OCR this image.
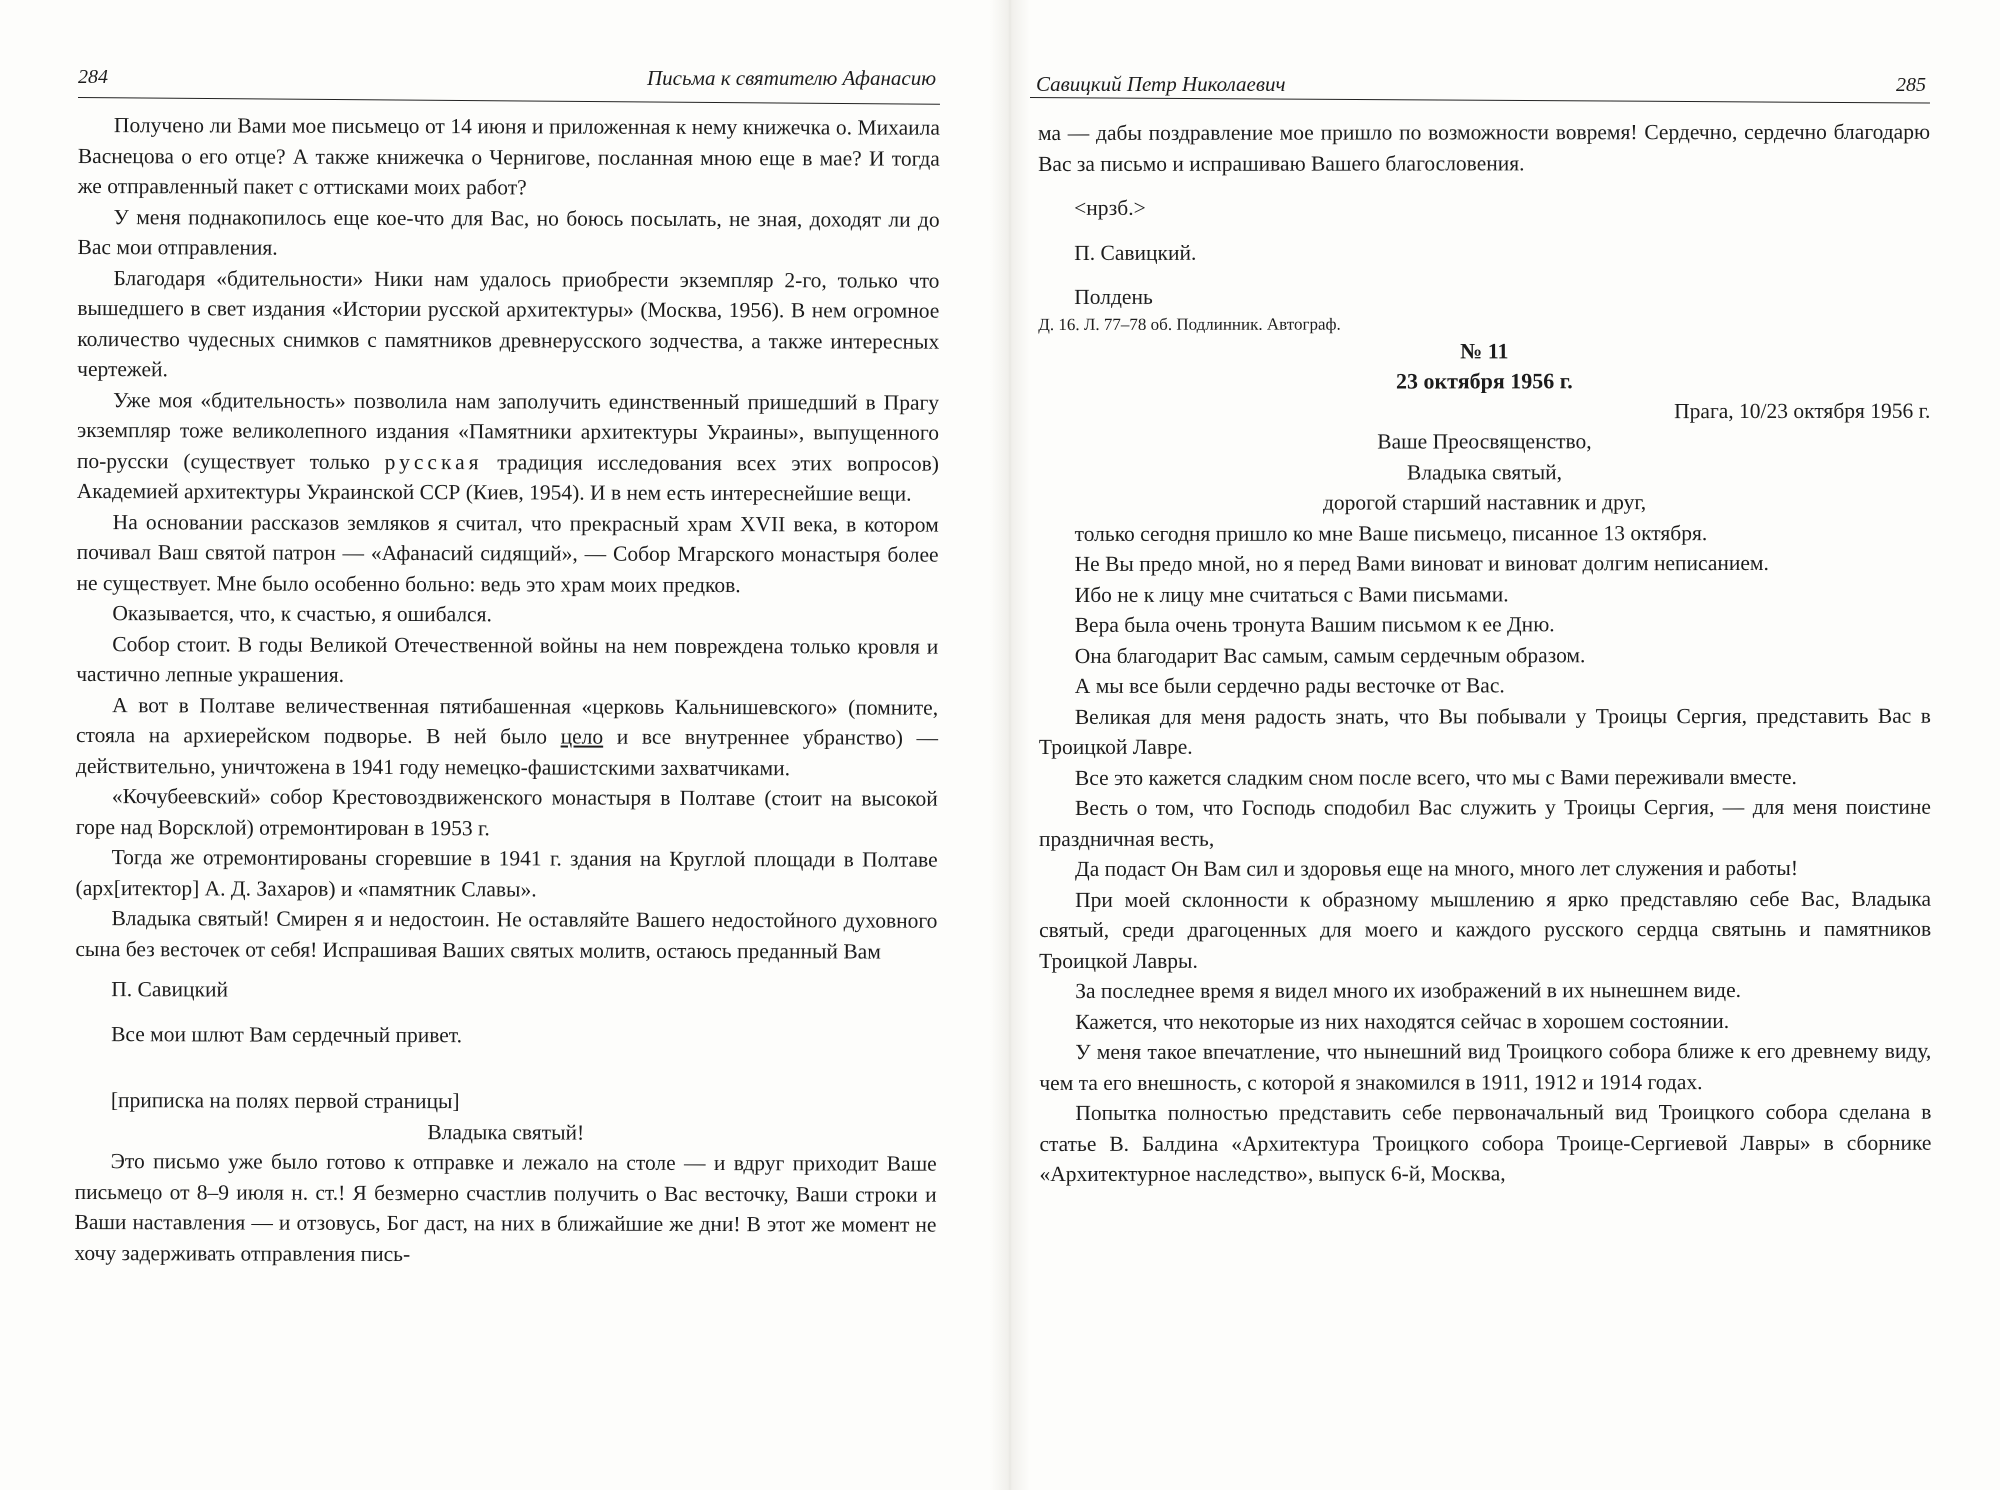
284	Письма к святителю Афанасию

Получено ли Вами мое письмецо от 14 июня и приложенная к нему книжечка о. Михаила Васнецова о его отце? А также книжечка о Чернигове, посланная мною еще в мае? И тогда же отправленный пакет с оттисками моих работ?

У меня поднакопилось еще кое-что для Вас, но боюсь посылать, не зная, доходят ли до Вас мои отправления.

Благодаря «бдительности» Ники нам удалось приобрести экземпляр 2-го, только что вышедшего в свет издания «Истории русской архитектуры» (Москва, 1956). В нем огромное количество чудесных снимков с памятников древнерусского зодчества, а также интересных чертежей.

Уже моя «бдительность» позволила нам заполучить единственный пришедший в Прагу экземпляр тоже великолепного издания «Памятники архитектуры Украины», выпущенного по-русски (существует только русская традиция исследования всех этих вопросов) Академией архитектуры Украинской ССР (Киев, 1954). И в нем есть интереснейшие вещи.

На основании рассказов земляков я считал, что прекрасный храм XVII века, в котором почивал Ваш святой патрон — «Афанасий сидящий», — Собор Мгарского монастыря более не существует. Мне было особенно больно: ведь это храм моих предков.

Оказывается, что, к счастью, я ошибался.

Собор стоит. В годы Великой Отечественной войны на нем повреждена только кровля и частично лепные украшения.

А вот в Полтаве величественная пятибашенная «церковь Кальнишевского» (помните, стояла на архиерейском подворье. В ней было цело и все внутреннее убранство) — действительно, уничтожена в 1941 году немецко-фашистскими захватчиками.

«Кочубеевский» собор Крестовоздвиженского монастыря в Полтаве (стоит на высокой горе над Ворсклой) отремонтирован в 1953 г.

Тогда же отремонтированы сгоревшие в 1941 г. здания на Круглой площади в Полтаве (арх[итектор] А. Д. Захаров) и «памятник Славы».

Владыка святый! Смирен я и недостоин. Не оставляйте Вашего недостойного духовного сына без весточек от себя! Испрашивая Ваших святых молитв, остаюсь преданный Вам

П. Савицкий

Все мои шлют Вам сердечный привет.

[приписка на полях первой страницы]

Владыка святый!

Это письмо уже было готово к отправке и лежало на столе — и вдруг приходит Ваше письмецо от 8–9 июля н. ст.! Я безмерно счастлив получить о Вас весточку, Ваши строки и Ваши наставления — и отзовусь, Бог даст, на них в ближайшие же дни! В этот же момент не хочу задерживать отправления пись-

Савицкий Петр Николаевич	285

ма — дабы поздравление мое пришло по возможности вовремя! Сердечно, сердечно благодарю Вас за письмо и испрашиваю Вашего благословения.

<нрзб.>

П. Савицкий.

Полдень

Д. 16. Л. 77–78 об. Подлинник. Автограф.

№ 11

23 октября 1956 г.

Прага, 10/23 октября 1956 г.

Ваше Преосвященство,

Владыка святый,

дорогой старший наставник и друг,

только сегодня пришло ко мне Ваше письмецо, писанное 13 октября.

Не Вы предо мной, но я перед Вами виноват и виноват долгим неписанием.

Ибо не к лицу мне считаться с Вами письмами.

Вера была очень тронута Вашим письмом к ее Дню.

Она благодарит Вас самым, самым сердечным образом.

А мы все были сердечно рады весточке от Вас.

Великая для меня радость знать, что Вы побывали у Троицы Сергия, представить Вас в Троицкой Лавре.

Все это кажется сладким сном после всего, что мы с Вами переживали вместе.

Весть о том, что Господь сподобил Вас служить у Троицы Сергия, — для меня поистине праздничная весть,

Да подаст Он Вам сил и здоровья еще на много, много лет служения и работы!

При моей склонности к образному мышлению я ярко представляю себе Вас, Владыка святый, среди драгоценных для моего и каждого русского сердца святынь и памятников Троицкой Лавры.

За последнее время я видел много их изображений в их нынешнем виде.

Кажется, что некоторые из них находятся сейчас в хорошем состоянии.

У меня такое впечатление, что нынешний вид Троицкого собора ближе к его древнему виду, чем та его внешность, с которой я знакомился в 1911, 1912 и 1914 годах.

Попытка полностью представить себе первоначальный вид Троицкого собора сделана в статье В. Балдина «Архитектура Троицкого собора Троице-Сергиевой Лавры» в сборнике «Архитектурное наследство», выпуск 6-й, Москва,
